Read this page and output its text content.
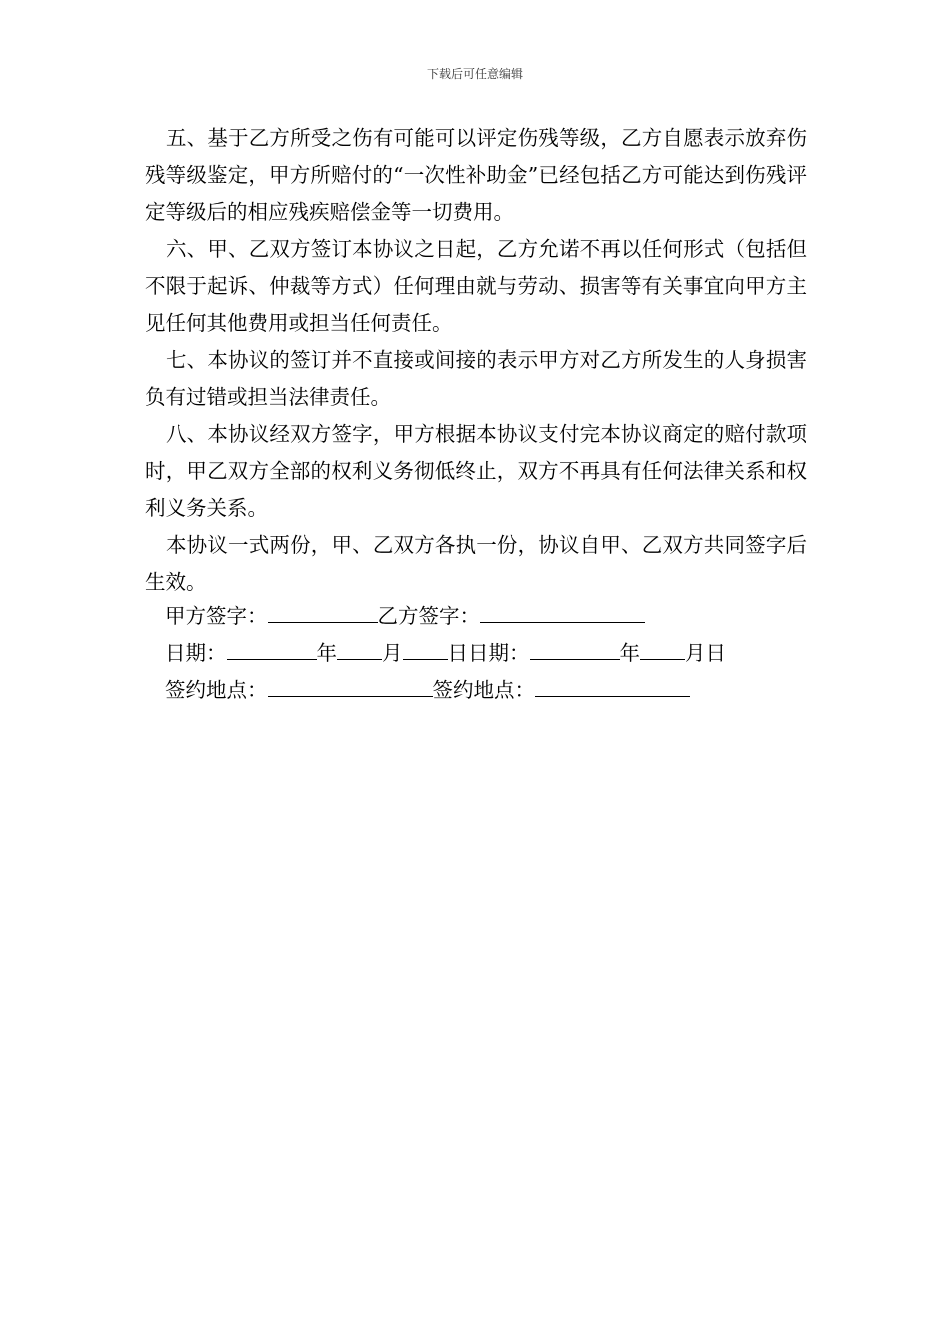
下载后可任意编辑

五、基于乙方所受之伤有可能可以评定伤残等级，乙方自愿表示放弃伤残等级鉴定，甲方所赔付的“一次性补助金”已经包括乙方可能达到伤残评定等级后的相应残疾赔偿金等一切费用。

六、甲、乙双方签订本协议之日起，乙方允诺不再以任何形式（包括但不限于起诉、仲裁等方式）任何理由就与劳动、损害等有关事宜向甲方主见任何其他费用或担当任何责任。

七、本协议的签订并不直接或间接的表示甲方对乙方所发生的人身损害负有过错或担当法律责任。

八、本协议经双方签字，甲方根据本协议支付完本协议商定的赔付款项时，甲乙双方全部的权利义务彻低终止，双方不再具有任何法律关系和权利义务关系。

本协议一式两份，甲、乙双方各执一份，协议自甲、乙双方共同签字后生效。

甲方签字：	乙方签字：
日期：	年 月 日日期：	年 月日
签约地点：	签约地点：
